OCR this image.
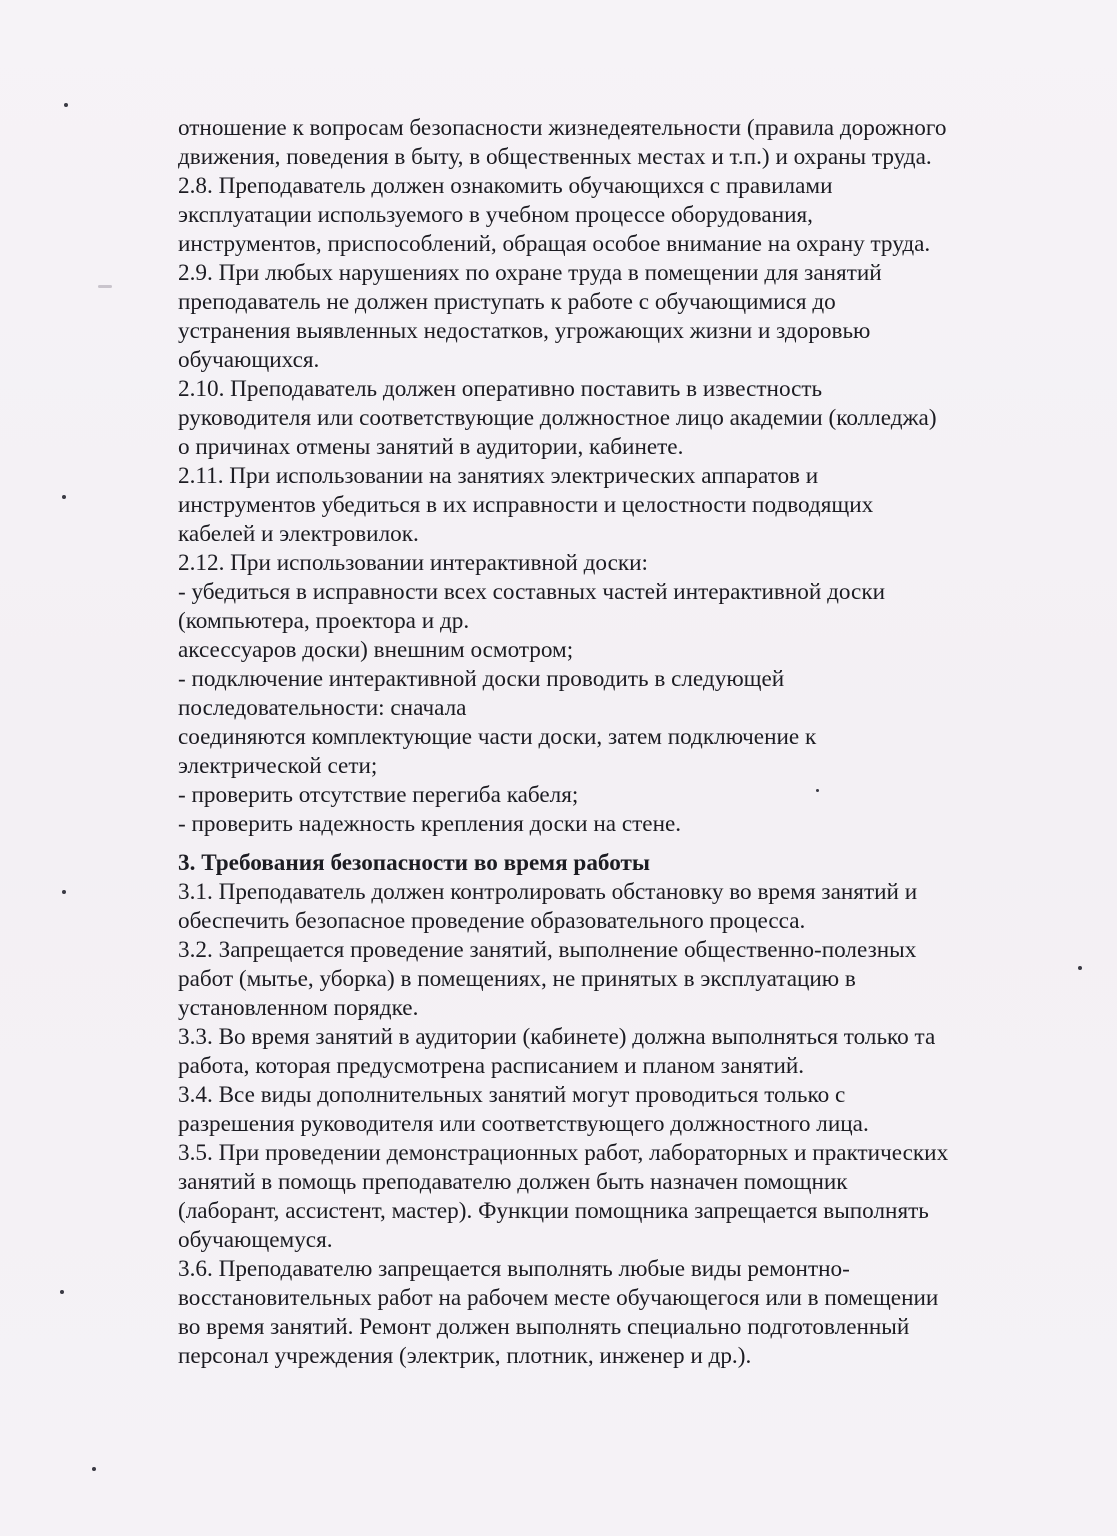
отношение к вопросам безопасности жизнедеятельности (правила дорожного
движения, поведения в быту, в общественных местах и т.п.) и охраны труда.
2.8. Преподаватель должен ознакомить обучающихся с правилами
эксплуатации используемого в учебном процессе оборудования,
инструментов, приспособлений, обращая особое внимание на охрану труда.
2.9. При любых нарушениях по охране труда в помещении для занятий
преподаватель не должен приступать к работе с обучающимися до
устранения выявленных недостатков, угрожающих жизни и здоровью
обучающихся.
2.10. Преподаватель должен оперативно поставить в известность
руководителя или соответствующие должностное лицо академии (колледжа)
о причинах отмены занятий в аудитории, кабинете.
2.11. При использовании на занятиях электрических аппаратов и
инструментов убедиться в их исправности и целостности подводящих
кабелей и электровилок.
2.12. При использовании интерактивной доски:
- убедиться в исправности всех составных частей интерактивной доски
(компьютера, проектора и др.
аксессуаров доски) внешним осмотром;
- подключение интерактивной доски проводить в следующей
последовательности: сначала
соединяются комплектующие части доски, затем подключение к
электрической сети;
- проверить отсутствие перегиба кабеля;
- проверить надежность крепления доски на стене.
3. Требования безопасности во время работы
3.1. Преподаватель должен контролировать обстановку во время занятий и
обеспечить безопасное проведение образовательного процесса.
3.2. Запрещается проведение занятий, выполнение общественно-полезных
работ (мытье, уборка) в помещениях, не принятых в эксплуатацию в
установленном порядке.
3.3. Во время занятий в аудитории (кабинете) должна выполняться только та
работа, которая предусмотрена расписанием и планом занятий.
3.4. Все виды дополнительных занятий могут проводиться только с
разрешения руководителя или соответствующего должностного лица.
3.5. При проведении демонстрационных работ, лабораторных и практических
занятий в помощь преподавателю должен быть назначен помощник
(лаборант, ассистент, мастер). Функции помощника запрещается выполнять
обучающемуся.
3.6. Преподавателю запрещается выполнять любые виды ремонтно-
восстановительных работ на рабочем месте обучающегося или в помещении
во время занятий. Ремонт должен выполнять специально подготовленный
персонал учреждения (электрик, плотник, инженер и др.).
